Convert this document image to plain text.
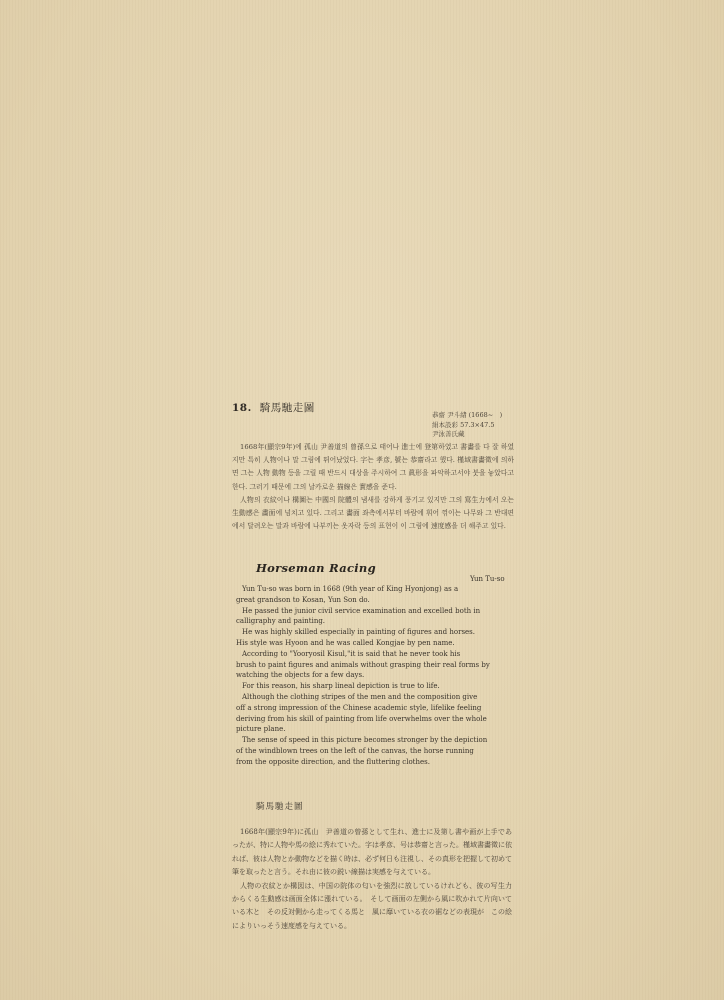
18. 騎馬馳走圖
恭齋 尹斗緖 (1668~　)
絹本設彩 57.3×47.5
尹泳善氏藏

1668年(顯宗9年)에 孤山 尹善道의 曾孫으로 태어나 進士에 登第하였고 書畵를 다 잘 하였지만 특히 人物이나 말 그림에 뛰어났었다. 字는 孝彦, 號는 恭齋라고 했다. 槿域書畵徵에 의하면 그는 人物 動物 등을 그릴 때 반드시 대상을 주시하여 그 眞形을 파악하고서야 붓을 놓았다고 한다. 그러기 때문에 그의 날카로운 描線은 實感을 준다.

人物의 衣紋이나 構圖는 中國의 院體의 냄새를 강하게 풍기고 있지만 그의 寫生力에서 오는 生動感은 畵面에 넘치고 있다. 그리고 畵面 좌측에서부터 바람에 휘어 꺾이는 나무와 그 반대편에서 달려오는 말과 바람에 나부끼는 옷자락 등의 표현이 이 그림에 速度感을 더 해주고 있다.

Horseman Racing
Yun Tu-so
Yun Tu-so was born in 1668 (9th year of King Hyonjong) as a
great grandson to Kosan, Yun Son do.
He passed the junior civil service examination and excelled both in
calligraphy and painting.
He was highly skilled especially in painting of figures and horses.
His style was Hyoon and he was called Kongjae by pen name.
According to "Yooryosil Kisul,"it is said that he never took his
brush to paint figures and animals without grasping their real forms by
watching the objects for a few days.
For this reason, his sharp lineal depiction is true to life.
Although the clothing stripes of the men and the composition give
off a strong impression of the Chinese academic style, lifelike feeling
deriving from his skill of painting from life overwhelms over the whole
picture plane.
The sense of speed in this picture becomes stronger by the depiction
of the windblown trees on the left of the canvas, the horse running
from the opposite direction, and the fluttering clothes.
騎馬馳走圖

1668年(顯宗9年)に孤山　尹善道の曾孫として生れ、進士に及第し書や画が上手であったが、特に人物や馬の絵に秀れていた。字は孝彦、号は恭齋と言った。槿域書畵徵に依れば、彼は人物とか動物などを描く時は、必ず何日も注視し、その真形を把握して初めて筆を取ったと言う。それ由に彼の鋭い線描は実感を与えている。

人物の衣紋とか構図は、中国の院体の匂いを強烈に放しているけれども、彼の写生力からくる生動感は画面全体に漲れている。　そして画面の左側から風に吹かれて片向いている木と　その反対側から走ってくる馬と　風に靡いている衣の裾などの表現が　この絵によりいっそう速度感を与えている。
